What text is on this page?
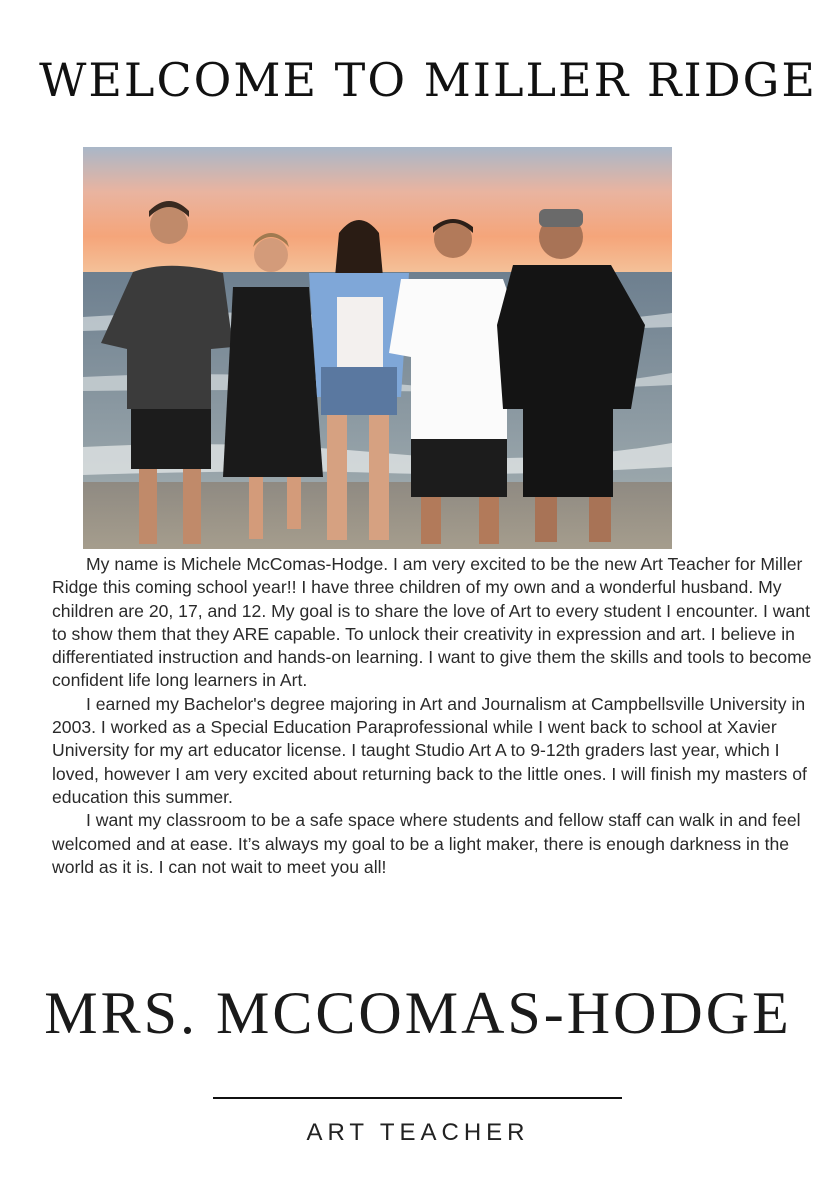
WELCOME TO MILLER RIDGE

My name is Michele McComas-Hodge. I am very excited to be the new Art Teacher for Miller Ridge this coming school year!! I have three children of my own and a wonderful husband. My children are 20, 17, and 12. My goal is to share the love of Art to every student I encounter. I want to show them that they ARE capable. To unlock their creativity in expression and art. I believe in differentiated instruction and hands-on learning. I want to give them the skills and tools to become confident life long learners in Art.

I earned my Bachelor's degree majoring in Art and Journalism at Campbellsville University in 2003. I worked as a Special Education Paraprofessional while I went back to school at Xavier University for my art educator license. I taught Studio Art A to 9-12th graders last year, which I loved, however I am very excited about returning back to the little ones. I will finish my masters of education this summer.

I want my classroom to be a safe space where students and fellow staff can walk in and feel welcomed and at ease. It’s always my goal to be a light maker, there is enough darkness in the world as it is. I can not wait to meet you all!

MRS. MCCOMAS-HODGE
ART TEACHER
